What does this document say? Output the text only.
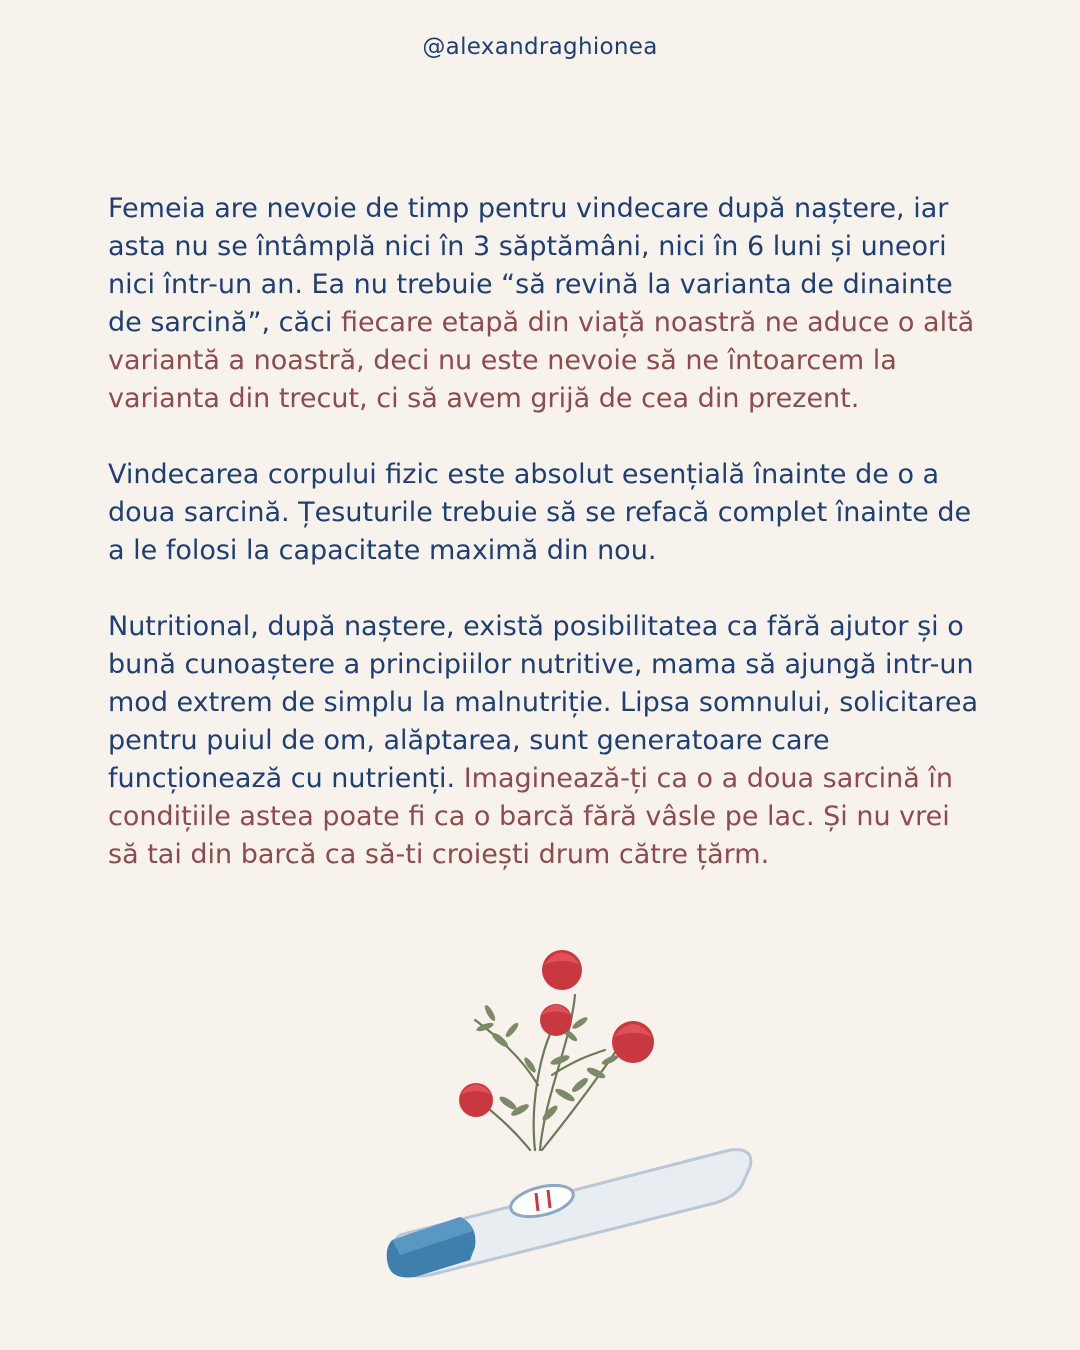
@alexandraghionea

Femeia are nevoie de timp pentru vindecare după naștere, iar asta nu se întâmplă nici în 3 săptămâni, nici în 6 luni și uneori nici într-un an. Ea nu trebuie “să revină la varianta de dinainte de sarcină”, căci fiecare etapă din viață noastră ne aduce o altă variantă a noastră, deci nu este nevoie să ne întoarcem la varianta din trecut, ci să avem grijă de cea din prezent.

Vindecarea corpului fizic este absolut esențială înainte de o a doua sarcină. Țesuturile trebuie să se refacă complet înainte de a le folosi la capacitate maximă din nou.

Nutritional, după naștere, există posibilitatea ca fără ajutor și o bună cunoaștere a principiilor nutritive, mama să ajungă intr-un mod extrem de simplu la malnutriție. Lipsa somnului, solicitarea pentru puiul de om, alăptarea, sunt generatoare care funcționează cu nutrienți. Imaginează-ți ca o a doua sarcină în condițiile astea poate fi ca o barcă fără vâsle pe lac. Și nu vrei să tai din barcă ca să-ti croiești drum către țărm.
